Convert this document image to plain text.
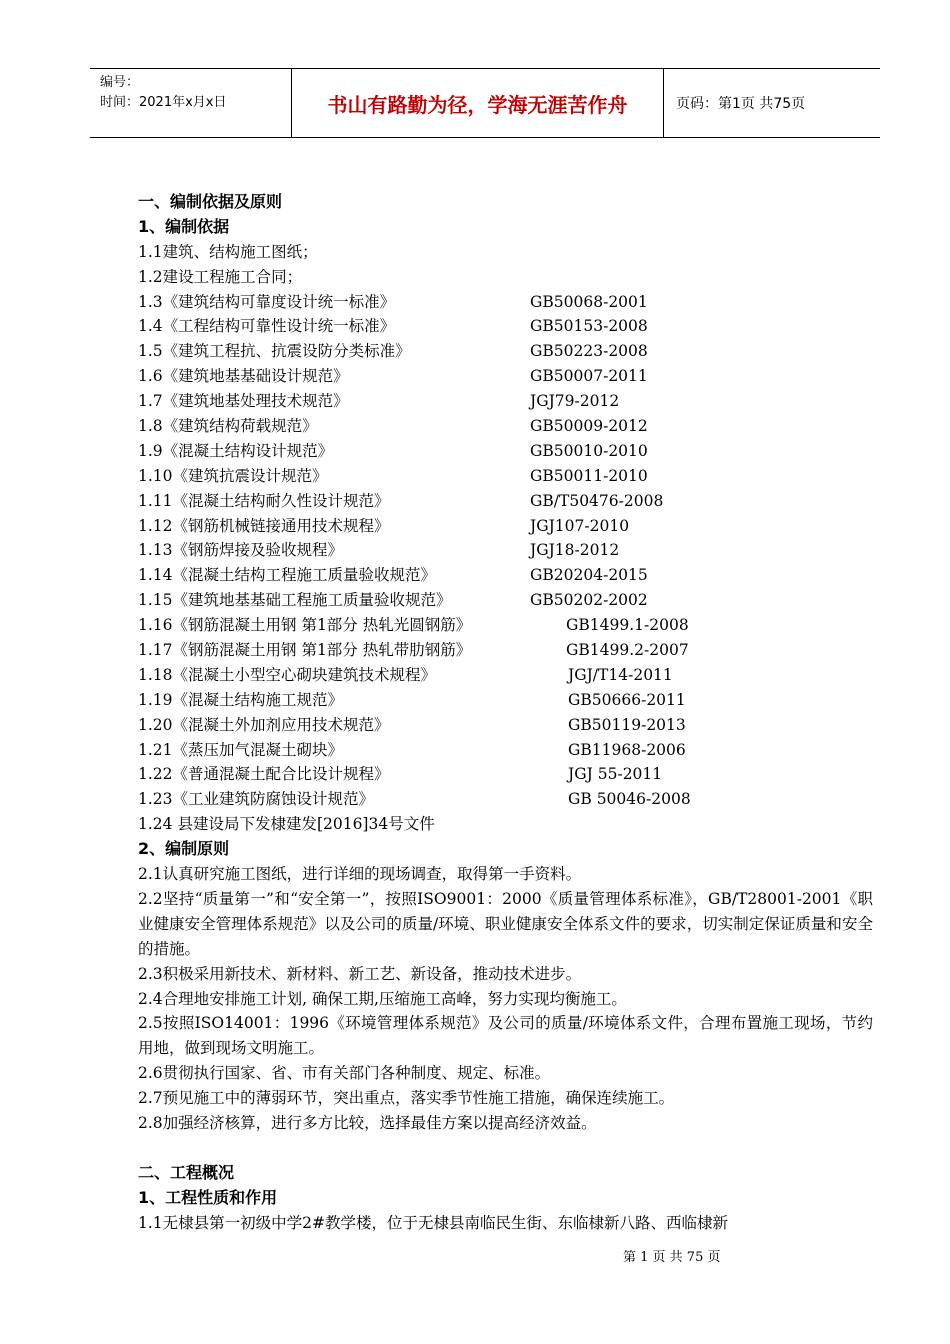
编号：
时间：2021年x月x日	书山有路勤为径，学海无涯苦作舟	页码：第1页 共75页
一、编制依据及原则
1、编制依据
1.1建筑、结构施工图纸；
1.2建设工程施工合同；
1.3《建筑结构可靠度设计统一标准》	GB50068-2001
1.4《工程结构可靠性设计统一标准》	GB50153-2008
1.5《建筑工程抗、抗震设防分类标准》	GB50223-2008
1.6《建筑地基基础设计规范》	GB50007-2011
1.7《建筑地基处理技术规范》	JGJ79-2012
1.8《建筑结构荷载规范》	GB50009-2012
1.9《混凝土结构设计规范》	GB50010-2010
1.10《建筑抗震设计规范》	GB50011-2010
1.11《混凝土结构耐久性设计规范》	GB/T50476-2008
1.12《钢筋机械链接通用技术规程》	JGJ107-2010
1.13《钢筋焊接及验收规程》	JGJ18-2012
1.14《混凝土结构工程施工质量验收规范》	GB20204-2015
1.15《建筑地基基础工程施工质量验收规范》	GB50202-2002
1.16《钢筋混凝土用钢 第1部分 热轧光圆钢筋》	GB1499.1-2008
1.17《钢筋混凝土用钢 第1部分 热轧带肋钢筋》	GB1499.2-2007
1.18《混凝土小型空心砌块建筑技术规程》	JGJ/T14-2011
1.19《混凝土结构施工规范》	GB50666-2011
1.20《混凝土外加剂应用技术规范》	GB50119-2013
1.21《蒸压加气混凝土砌块》	GB11968-2006
1.22《普通混凝土配合比设计规程》	JGJ 55-2011
1.23《工业建筑防腐蚀设计规范》	GB 50046-2008
1.24 县建设局下发棣建发[2016]34号文件
2、编制原则
2.1认真研究施工图纸，进行详细的现场调查，取得第一手资料。
2.2坚持“质量第一”和“安全第一”，按照ISO9001：2000《质量管理体系标准》，GB/T28001-2001《职业健康安全管理体系规范》以及公司的质量/环境、职业健康安全体系文件的要求，切实制定保证质量和安全的措施。
2.3积极采用新技术、新材料、新工艺、新设备，推动技术进步。
2.4合理地安排施工计划, 确保工期,压缩施工高峰，努力实现均衡施工。
2.5按照ISO14001：1996《环境管理体系规范》及公司的质量/环境体系文件，合理布置施工现场，节约用地，做到现场文明施工。
2.6贯彻执行国家、省、市有关部门各种制度、规定、标准。
2.7预见施工中的薄弱环节，突出重点，落实季节性施工措施，确保连续施工。
2.8加强经济核算，进行多方比较，选择最佳方案以提高经济效益。
二、工程概况
1、工程性质和作用
1.1无棣县第一初级中学2#教学楼，位于无棣县南临民生街、东临棣新八路、西临棣新
第 1 页 共 75 页
